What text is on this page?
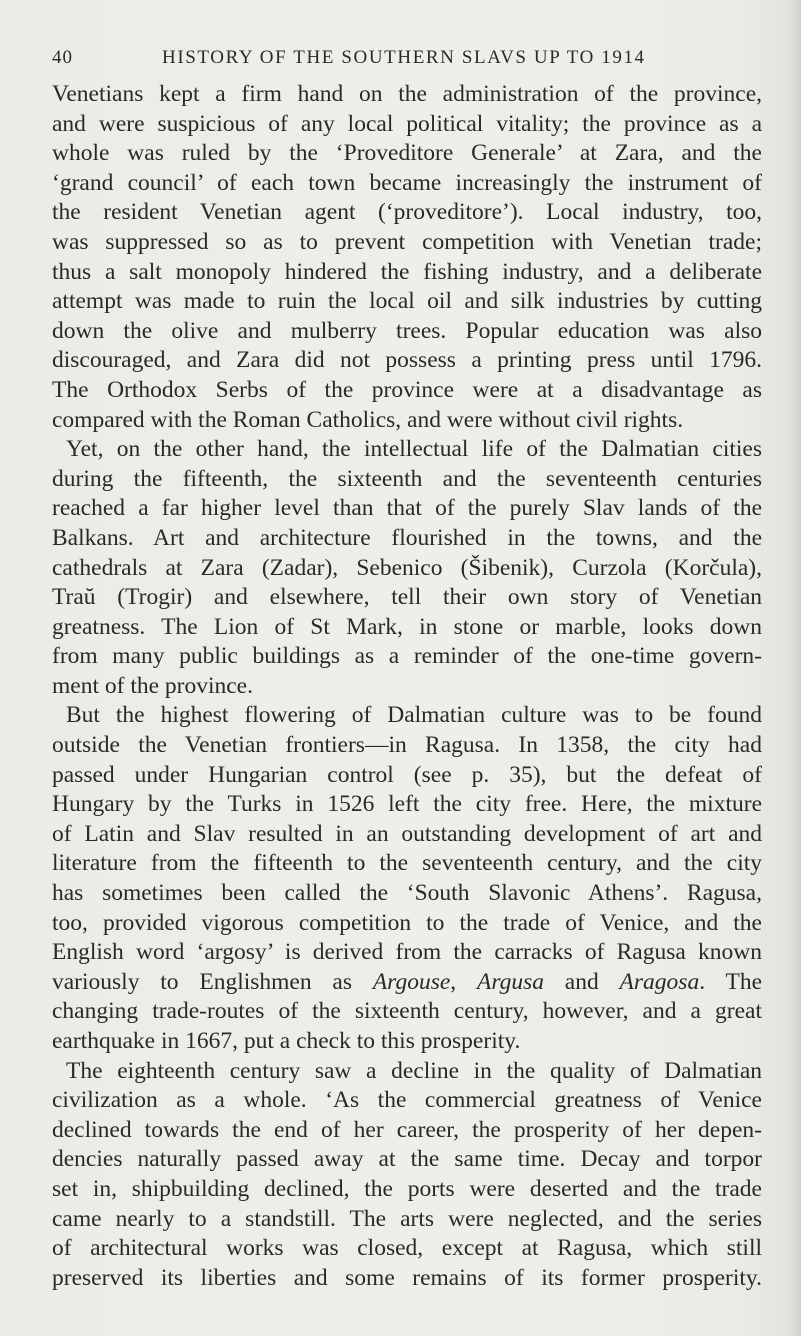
40	HISTORY OF THE SOUTHERN SLAVS UP TO 1914
Venetians kept a firm hand on the administration of the province,
and were suspicious of any local political vitality; the province as a
whole was ruled by the ‘Proveditore Generale’ at Zara, and the
‘grand council’ of each town became increasingly the instrument of
the resident Venetian agent (‘proveditore’). Local industry, too,
was suppressed so as to prevent competition with Venetian trade;
thus a salt monopoly hindered the fishing industry, and a deliberate
attempt was made to ruin the local oil and silk industries by cutting
down the olive and mulberry trees. Popular education was also
discouraged, and Zara did not possess a printing press until 1796.
The Orthodox Serbs of the province were at a disadvantage as
compared with the Roman Catholics, and were without civil rights.
Yet, on the other hand, the intellectual life of the Dalmatian cities
during the fifteenth, the sixteenth and the seventeenth centuries
reached a far higher level than that of the purely Slav lands of the
Balkans. Art and architecture flourished in the towns, and the
cathedrals at Zara (Zadar), Sebenico (Šibenik), Curzola (Korčula),
Traŭ (Trogir) and elsewhere, tell their own story of Venetian
greatness. The Lion of St Mark, in stone or marble, looks down
from many public buildings as a reminder of the one-time govern-
ment of the province.
But the highest flowering of Dalmatian culture was to be found
outside the Venetian frontiers—in Ragusa. In 1358, the city had
passed under Hungarian control (see p. 35), but the defeat of
Hungary by the Turks in 1526 left the city free. Here, the mixture
of Latin and Slav resulted in an outstanding development of art and
literature from the fifteenth to the seventeenth century, and the city
has sometimes been called the ‘South Slavonic Athens’. Ragusa,
too, provided vigorous competition to the trade of Venice, and the
English word ‘argosy’ is derived from the carracks of Ragusa known
variously to Englishmen as Argouse, Argusa and Aragosa. The
changing trade-routes of the sixteenth century, however, and a great
earthquake in 1667, put a check to this prosperity.
The eighteenth century saw a decline in the quality of Dalmatian
civilization as a whole. ‘As the commercial greatness of Venice
declined towards the end of her career, the prosperity of her depen-
dencies naturally passed away at the same time. Decay and torpor
set in, shipbuilding declined, the ports were deserted and the trade
came nearly to a standstill. The arts were neglected, and the series
of architectural works was closed, except at Ragusa, which still
preserved its liberties and some remains of its former prosperity.
